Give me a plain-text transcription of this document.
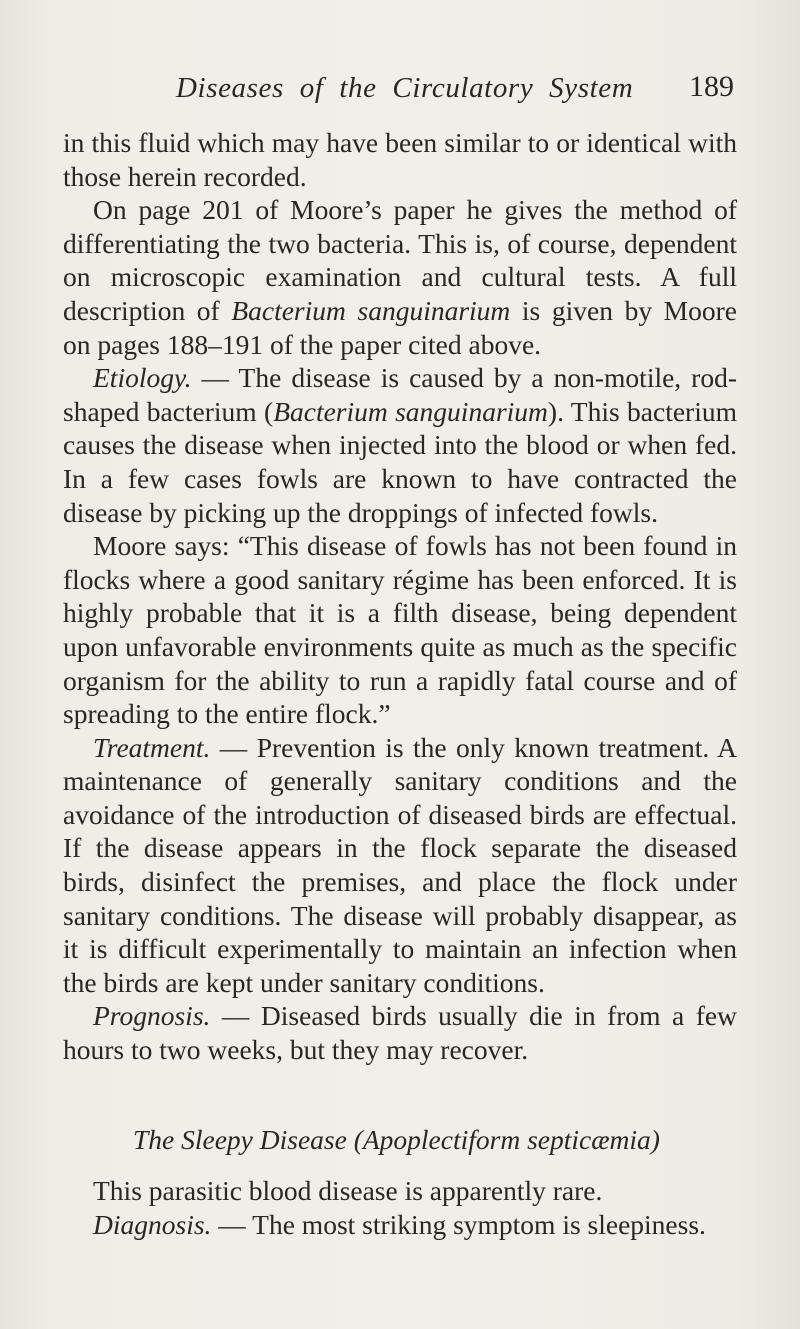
Diseases of the Circulatory System	189

in this fluid which may have been similar to or identical with those herein recorded.

On page 201 of Moore’s paper he gives the method of differentiating the two bacteria. This is, of course, dependent on microscopic examination and cultural tests. A full description of Bacterium sanguinarium is given by Moore on pages 188–191 of the paper cited above.

Etiology. — The disease is caused by a non-motile, rod-shaped bacterium (Bacterium sanguinarium). This bacterium causes the disease when injected into the blood or when fed. In a few cases fowls are known to have contracted the disease by picking up the droppings of infected fowls.

Moore says: “This disease of fowls has not been found in flocks where a good sanitary régime has been enforced. It is highly probable that it is a filth disease, being dependent upon unfavorable environments quite as much as the specific organism for the ability to run a rapidly fatal course and of spreading to the entire flock.”

Treatment. — Prevention is the only known treatment. A maintenance of generally sanitary conditions and the avoidance of the introduction of diseased birds are effectual. If the disease appears in the flock separate the diseased birds, disinfect the premises, and place the flock under sanitary conditions. The disease will probably disappear, as it is difficult experimentally to maintain an infection when the birds are kept under sanitary conditions.

Prognosis. — Diseased birds usually die in from a few hours to two weeks, but they may recover.

The Sleepy Disease (Apoplectiform septicæmia)

This parasitic blood disease is apparently rare.

Diagnosis. — The most striking symptom is sleepiness.
